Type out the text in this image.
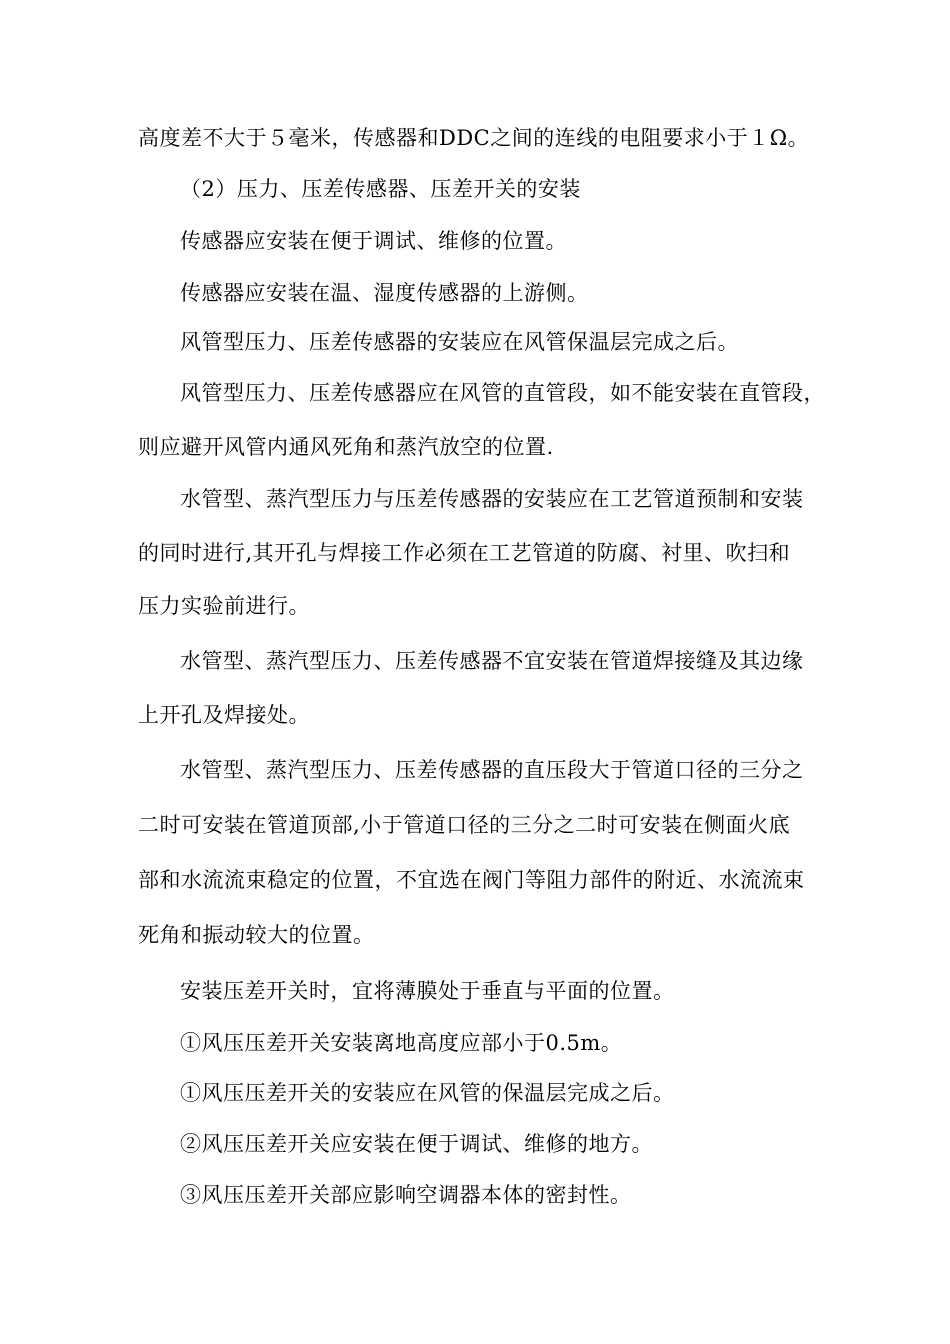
高度差不大于５毫米，传感器和DDC之间的连线的电阻要求小于１Ω。
（2）压力、压差传感器、压差开关的安装
传感器应安装在便于调试、维修的位置。
传感器应安装在温、湿度传感器的上游侧。
风管型压力、压差传感器的安装应在风管保温层完成之后。
风管型压力、压差传感器应在风管的直管段，如不能安装在直管段，
则应避开风管内通风死角和蒸汽放空的位置.
水管型、蒸汽型压力与压差传感器的安装应在工艺管道预制和安装
的同时进行,其开孔与焊接工作必须在工艺管道的防腐、衬里、吹扫和
压力实验前进行。
水管型、蒸汽型压力、压差传感器不宜安装在管道焊接缝及其边缘
上开孔及焊接处。
水管型、蒸汽型压力、压差传感器的直压段大于管道口径的三分之
二时可安装在管道顶部,小于管道口径的三分之二时可安装在侧面火底
部和水流流束稳定的位置，不宜选在阀门等阻力部件的附近、水流流束
死角和振动较大的位置。
安装压差开关时，宜将薄膜处于垂直与平面的位置。
①风压压差开关安装离地高度应部小于0.5m。
①风压压差开关的安装应在风管的保温层完成之后。
②风压压差开关应安装在便于调试、维修的地方。
③风压压差开关部应影响空调器本体的密封性。
